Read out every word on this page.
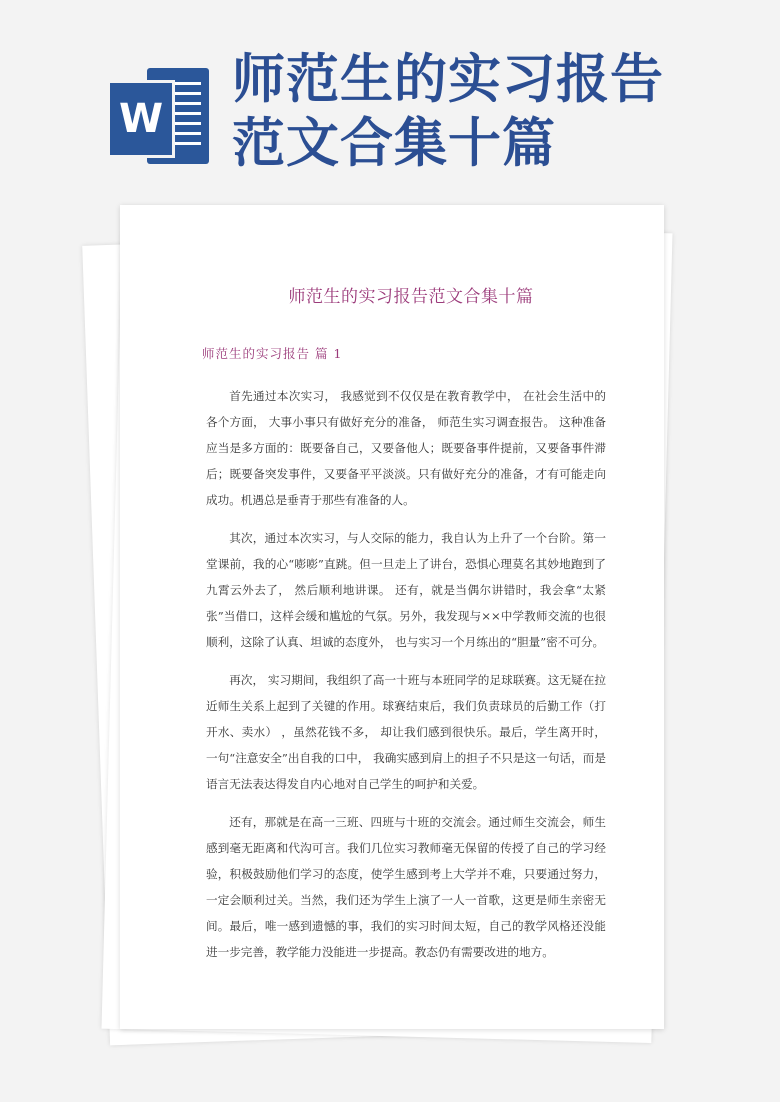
W
师范生的实习报告
范文合集十篇
师范生的实习报告范文合集十篇
师范生的实习报告 篇 1

首先通过本次实习， 我感觉到不仅仅是在教育教学中， 在社会生活中的各个方面， 大事小事只有做好充分的准备， 师范生实习调查报告。 这种准备应当是多方面的：既要备自己，又要备他人；既要备事件提前，又要备事件滞后；既要备突发事件，又要备平平淡淡。只有做好充分的准备，才有可能走向成功。机遇总是垂青于那些有准备的人。

其次，通过本次实习，与人交际的能力，我自认为上升了一个台阶。第一堂课前，我的心“嘭嘭”直跳。但一旦走上了讲台，恐惧心理莫名其妙地跑到了九霄云外去了， 然后顺利地讲课。 还有，就是当偶尔讲错时，我会拿“太紧张”当借口，这样会缓和尴尬的气氛。另外，我发现与××中学教师交流的也很顺利，这除了认真、坦诚的态度外， 也与实习一个月练出的“胆量”密不可分。

再次， 实习期间，我组织了高一十班与本班同学的足球联赛。这无疑在拉近师生关系上起到了关键的作用。球赛结束后，我们负责球员的后勤工作（打开水、卖水） ，虽然花钱不多， 却让我们感到很快乐。最后，学生离开时，一句“注意安全”出自我的口中， 我确实感到肩上的担子不只是这一句话，而是语言无法表达得发自内心地对自己学生的呵护和关爱。

还有，那就是在高一三班、四班与十班的交流会。通过师生交流会，师生感到毫无距离和代沟可言。我们几位实习教师毫无保留的传授了自己的学习经验，积极鼓励他们学习的态度，使学生感到考上大学并不难，只要通过努力， 一定会顺利过关。当然，我们还为学生上演了一人一首歌，这更是师生亲密无间。最后，唯一感到遗憾的事，我们的实习时间太短，自己的教学风格还没能进一步完善，教学能力没能进一步提高。教态仍有需要改进的地方。
